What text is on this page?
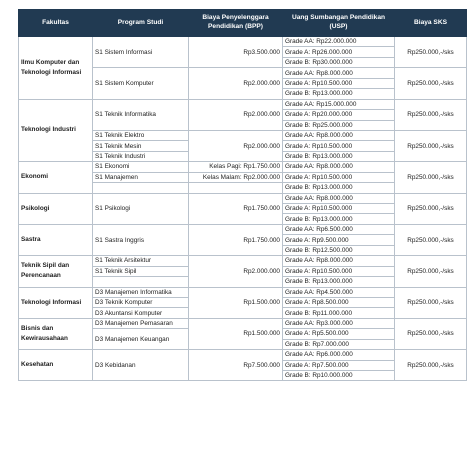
Fakultas	Program Studi	Biaya Penyelenggara Pendidikan (BPP)	Uang Sumbangan Pendidikan (USP)	Biaya SKS
Ilmu Komputer dan Teknologi Informasi	S1 Sistem Informasi	Rp3.500.000	Grade AA: Rp22.000.000	Rp250.000,-/sks
			Grade A: Rp26.000.000	
			Grade B: Rp30.000.000	
	S1 Sistem Komputer	Rp2.000.000	Grade AA: Rp8.000.000	Rp250.000,-/sks
			Grade A: Rp10.500.000	
			Grade B: Rp13.000.000	
Teknologi Industri	S1 Teknik Informatika	Rp2.000.000	Grade AA: Rp15.000.000	Rp250.000,-/sks
			Grade A: Rp20.000.000	
			Grade B: Rp25.000.000	
	S1 Teknik Elektro	Rp2.000.000	Grade AA: Rp8.000.000	Rp250.000,-/sks
	S1 Teknik Mesin		Grade A: Rp10.500.000	
	S1 Teknik Industri		Grade B: Rp13.000.000	
Ekonomi	S1 Ekonomi	Kelas Pagi: Rp1.750.000	Grade AA: Rp8.000.000	Rp250.000,-/sks
	S1 Manajemen	Kelas Malam: Rp2.000.000	Grade A: Rp10.500.000	
			Grade B: Rp13.000.000	
Psikologi	S1 Psikologi	Rp1.750.000	Grade AA: Rp8.000.000	Rp250.000,-/sks
			Grade A: Rp10.500.000	
			Grade B: Rp13.000.000	
Sastra	S1 Sastra Inggris	Rp1.750.000	Grade AA: Rp6.500.000	Rp250.000,-/sks
			Grade A: Rp9.500.000	
			Grade B: Rp12.500.000	
Teknik Sipil dan Perencanaan	S1 Teknik Arsitektur	Rp2.000.000	Grade AA: Rp8.000.000	Rp250.000,-/sks
	S1 Teknik Sipil		Grade A: Rp10.500.000	
			Grade B: Rp13.000.000	
Teknologi Informasi	D3 Manajemen Informatika	Rp1.500.000	Grade AA: Rp4.500.000	Rp250.000,-/sks
	D3 Teknik Komputer		Grade A: Rp8.500.000	
	D3 Akuntansi Komputer		Grade B: Rp11.000.000	
Bisnis dan Kewirausahaan	D3 Manajemen Pemasaran	Rp1.500.000	Grade AA: Rp3.000.000	Rp250.000,-/sks
	D3 Manajemen Keuangan		Grade A: Rp5.500.000	
			Grade B: Rp7.000.000	
Kesehatan	D3 Kebidanan	Rp7.500.000	Grade AA: Rp6.000.000	Rp250.000,-/sks
			Grade A: Rp7.500.000	
			Grade B: Rp10.000.000	
